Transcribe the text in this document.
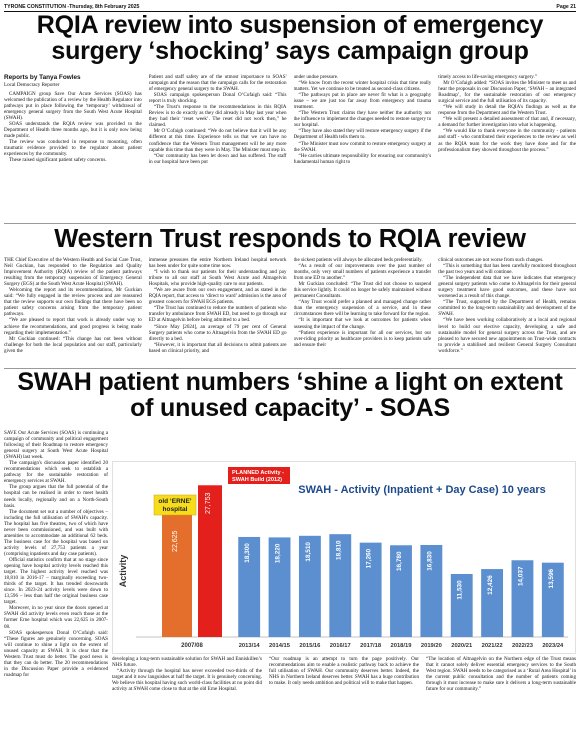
TYRONE CONSTITUTION -Thursday, 8th February 2025	Page 21
RQIA review into suspension of emergency surgery ‘shocking’ says campaign group
Reports by Tanya Fowles

Local Democracy Reporter

CAMPAIGN group Save Our Acute Services (SOAS) has welcomed the publication of a review by the Health Regulator into pathways put in place following the ‘temporary’ withdrawal of emergency general surgery from the South West Acute Hospital (SWAH).

SOAS understands the RQIA review was provided to the Department of Health three months ago, but it is only now being made public.

The review was conducted in response to mounting, often traumatic evidence provided to the regulator about patient experiences by the community.

These raised significant patient safety concerns.

Patient and staff safety are of the utmost importance to SOAS' campaign and the reason that the campaign calls for the restoration of emergency general surgery to the SWAH.

SOAS campaign spokesperson Donal O’Cofaigh said: “This report is truly shocking.

“The Trust’s response to the recommendations in this RQIA Review is to do exactly as they did already in May last year when they had their ‘reset week’. The reset did not work then,” he claimed.

Mr O’Cofaigh continued: “We do not believe that it will be any different at this time. Experience tells us that we can have no confidence that the Western Trust management will be any more capable this time than they were in May. The Minister must step in.

“Our community has been let down and has suffered. The staff in our hospital have been put

under undue pressure.

“We know from the recent winter hospital crisis that time really matters. Yet we continue to be treated as second-class citizens.

“The pathways put in place are never fit what is a geography issue – we are just too far away from emergency and trauma treatment.

“The Western Trust claims they have neither the authority nor the influence to implement the changes needed to restore surgery to our hospital.

“They have also stated they will restore emergency surgery if the Department of Health tells them to.

“The Minister must now commit to restore emergency surgery at the SWAH.

“He carries ultimate responsibility for ensuring our community's fundamental human right to

timely access to life-saving emergency surgery.”

Mr O’Cofaigh added: “SOAS invites the Minister to meet us and hear the proposals in our Discussion Paper, ‘SWAH – an integrated Roadmap’, for the sustainable restoration of our emergency surgical service and the full utilisation of its capacity.

“We will study in detail the RQIA's findings as well as the response from the Department and the Western Trust.

“We will present a detailed assessment of that and, if necessary, a demand for further investigation into what is happening.

“We would like to thank everyone in the community - patients and staff - who contributed their experiences to the review as well as the RQIA team for the work they have done and for the professionalism they showed throughout the process.”

Western Trust responds to RQIA review

THE Chief Executive of the Western Health and Social Care Trust, Neil Guckian, has responded to the Regulation and Quality Improvement Authority (RQIA) review of the patient pathways resulting from the temporary suspension of Emergency General Surgery (EGS) at the South West Acute Hospital (SWAH).

Welcoming the report and its recommendations, Mr Guckian said: “We fully engaged in the review process and are reassured that the review supports our own findings that there have been no patient safety concerns arising from the temporary patient pathways.

“We are pleased to report that work is already under way to achieve the recommendations, and good progress is being made regarding their implementation.”

Mr Guckian continued: “This change has not been without challenge for both the local population and our staff, particularly given the

immense pressures the entire Northern Ireland hospital network has been under for quite some time now.

“I wish to thank our patients for their understanding and pay tribute to all our staff at South West Acute and Altnagelvin Hospitals, who provide high-quality care to our patients.

“We are aware from our own engagement, and as stated in the RQIA report, that access to ‘direct to ward’ admission is the area of greatest concern for SWAH EGS patients.

“The Trust has continued to reduce the numbers of patients who transfer by ambulance from SWAH ED, but need to go through our ED at Altnagelvin before being admitted to a bed.

“Since May [2024], an average of 79 per cent of General Surgery patients who come to Altnagelvin from the SWAH ED go directly to a bed.

“However, it is important that all decisions to admit patients are based on clinical priority, and

the sickest patients will always be allocated beds preferentially.

“As a result of our improvements over the past number of months, only very small numbers of patients experience a transfer from one ED to another.”

Mr Guckian concluded: “The Trust did not choose to suspend this service lightly. It could no longer be safely maintained without permanent Consultants.

“Any Trust would prefer a planned and managed change rather than the emergency suspension of a service, and in these circumstances there will be learning to take forward for the region.

“It is important that we look at outcomes for patients when assessing the impact of the change.

“Patient experience is important for all our services, but our over-riding priority as healthcare providers is to keep patients safe and ensure their

clinical outcomes are not worse from such changes.

“This is something that has been carefully monitored throughout the past two years and will continue.

“The independent data that we have indicates that emergency general surgery patients who come to Altnagelvin for their general surgery treatment have good outcomes, and these have not worsened as a result of this change.

“The Trust, supported by the Department of Health, remains committed to the long-term sustainability and development of the SWAH.

“We have been working collaboratively at a local and regional level to build our elective capacity, developing a safe and sustainable model for general surgery across the Trust, and are pleased to have secured new appointments on Trust-wide contracts to provide a stabilised and resilient General Surgery Consultant workforce.”

SWAH patient numbers ‘shine a light on extent of unused capacity’ - SOAS

SAVE Our Acute Services (SOAS) is continuing a campaign of community and political engagement following of their Roadmap to restore emergency general surgery at South West Acute Hospital (SWAH) last week.

The campaign's discussion paper identified 20 recommendations which seek to establish a pathway for the sustainable restoration of emergency services at SWAH.

The group argues that the full potential of the hospital can be realised in order to meet health needs locally, regionally and on a North-South basis.

The document set out a number of objectives – including the full utilisation of SWAH's capacity. The hospital has five theatres, two of which have never been commissioned, and was built with amenities to accommodate an additional 62 beds. The business case for the hospital was based on activity levels of 27,753 patients a year (comprising inpatients and day case patients).

Official statistics confirm that at no stage since opening have hospital activity levels reached this target. The highest activity level reached was 18,810 in 2016-17 – marginally exceeding two-thirds of the target. It has trended downwards since. In 2023-24 activity levels were down to 13,596 – less than half the original business case target.

Moreover, in no year since the doors opened at SWAH did activity levels even reach those at the former Erne hospital which was 22,625 in 2007-08.

SOAS spokesperson Donal O’Cofaigh said: “These figures are genuinely concerning. SOAS will continue to shine a light on the extent of unused capacity at SWAH. It is clear that the Western Trust must do better. The good news is that they can do better. The 20 recommendations in the Discussion Paper provide a evidenced roadmap for

developing a long-term sustainable solution for SWAH and Enniskillen’s NHS future.

“Activity through the hospital has never exceeded two-thirds of the target and it now languishes at half the target. It is genuinely concerning. We believe this hospital having such world-class facilities at no point did activity at SWAH come close to that at the old Erne Hospital.

“Our roadmap is an attempt to turn the page positively. Our recommendations aim to enable a realistic pathway back to achieve the full utilisation of SWAH. Our community deserves better. Indeed, the NHS in Northern Ireland deserves better. SWAH has a huge contribution to make. It only needs ambition and political will to make that happen.

“The location of Altnagelvin on the Northern edge of the Trust means that it cannot solely deliver essential emergency services to the South West region. SWAH needs to be categorised as a ‘Rural Area Hospital’ in the current public consultation and the number of patients coming through it must increase to make sure it delivers a long-term sustainable future for our community.”

Activity
22,625
27,753
old ‘ERNE’
hospital
PLANNED Activity -
SWAH Build (2012)
SWAH - Activity (Inpatient + Day Case) 10 years
2007/08
18,300
2013/14
18,220
2014/15
18,510
2015/16
18,810
2016/17
17,260
2017/18
16,780
2018/19
16,830
2019/20
11,530
2020/21
12,426
2021/22
14,037
2022/23
13,596
2023/24
